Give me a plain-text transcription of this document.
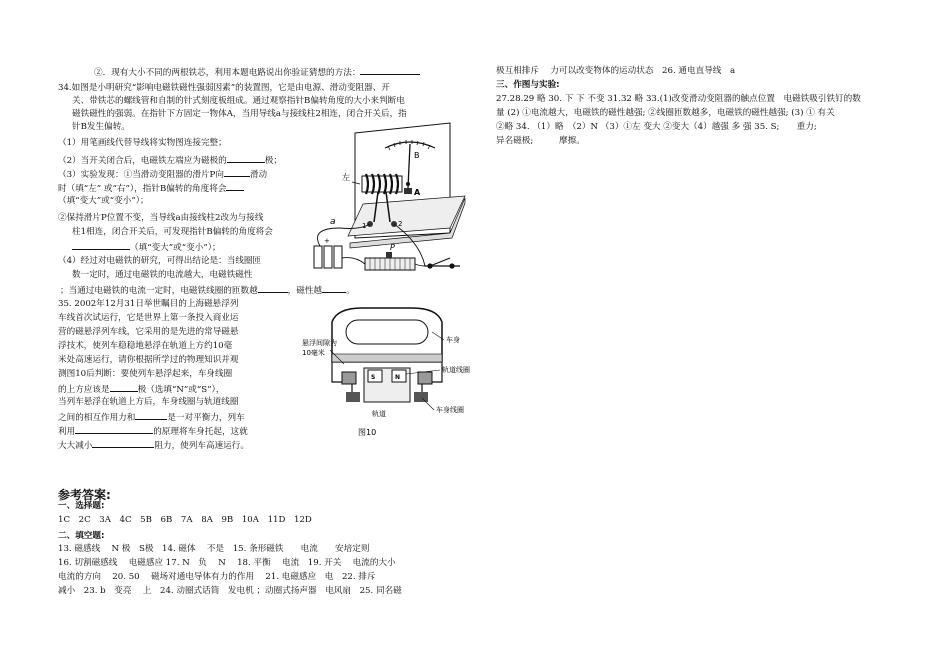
②．现有大小不同的两根铁芯，利用本题电路说出你验证猜想的方法：
34.如图是小明研究“影响电磁铁磁性强弱因素”的装置图，它是由电源、滑动变阻器、开
关、带铁芯的螺线管和自制的针式刻度板组成。通过观察指针B偏转角度的大小来判断电
磁铁磁性的强弱。在指针下方固定一物体A，当用导线a与接线柱2相连，闭合开关后，指
针B发生偏转。
（1）用笔画线代替导线将实物图连接完整；
（2）当开关闭合后，电磁铁左端应为磁极的	极；
（3）实验发现：①当滑动变阻器的滑片P向	滑动
时（填“左” 或“右”），指针B偏转的角度将会
（填“变大”或“变小”）；
②保持滑片P位置不变，当导线a由接线柱2改为与接线
柱1相连，闭合开关后，可发现指针B偏转的角度将会
（填“变大”或“变小”）；
（4）经过对电磁铁的研究，可得出结论是：当线圈匝
数一定时，通过电磁铁的电流越大，电磁铁磁性
；当通过电磁铁的电流一定时，电磁铁线圈的匝数越	，磁性越	。
35. 2002年12月31日举世瞩目的上海磁悬浮列
车线首次试运行，它是世界上第一条投入商业运
营的磁悬浮列车线，它采用的是先进的常导磁悬
浮技术，使列车稳稳地悬浮在轨道上方约10毫
米处高速运行，请你根据所学过的物理知识并观
测图10后判断：要使列车悬浮起来，车身线圈
的上方应该是	极（选填“N”或“S”），
当列车悬浮在轨道上方后，车身线圈与轨道线圈
之间的相互作用力和	是一对平衡力，列车
利用	的原理将车身托起，这就
大大减小	阻力，使列车高速运行。
B
A
左
1	2
a
+
P
S	N
悬浮间隙为
10毫米
车身
轨道线圈
车身线圈
轨道
图10
参考答案:
一、选择题:
1C　2C　3A　4C　5B　6B　7A　8A　9B　10A　11D　12D
二、填空题:
13. 磁感线　 N 极　S极　14. 磁体　 不是　15. 条形磁铁　　电流　　安培定则
16. 切割磁感线　 电磁感应 17. N　负　 N　 18. 平衡　 电流　19. 开关　 电流的大小
电流的方向　 20. 50　 磁场对通电导体有力的作用　 21. 电磁感应　电　22. 排斥
减小　23. b　变亮　 上　24. 动圈式话筒　发电机 ；动圈式扬声器　电风扇　25. 同名磁
极互相排斥　 力可以改变物体的运动状态　26. 通电直导线　a
三、作图与实验:
27.28.29 略 30. 下 下 不变 31.32 略 33.(1)改变滑动变阻器的触点位置　电磁铁吸引铁钉的数
量 (2) ①电流越大，电磁铁的磁性越强; ②线圈匝数越多，电磁铁的磁性越强; (3) ① 有关
②略 34. （1）略　（2）N （3）①左 变大 ②变大（4）越强 多 强 35. S;　　重力;
异名磁极;　　　摩擦。
